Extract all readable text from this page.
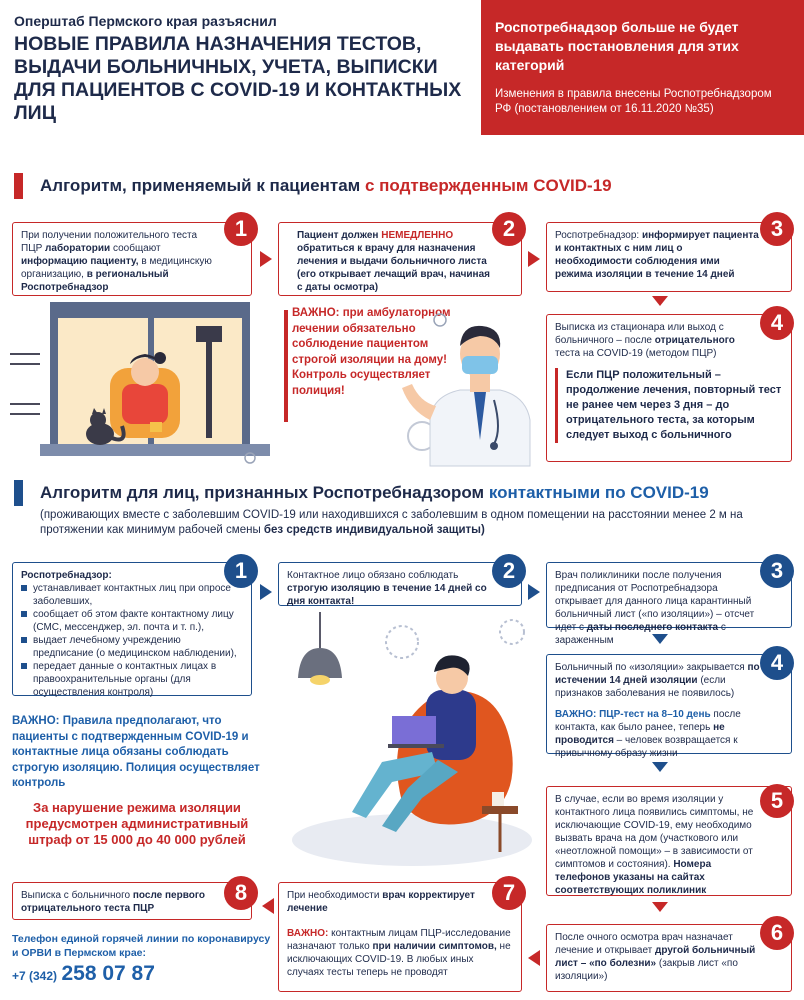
Оперштаб Пермского края разъяснил
НОВЫЕ ПРАВИЛА НАЗНАЧЕНИЯ ТЕСТОВ, ВЫДАЧИ БОЛЬНИЧНЫХ, УЧЕТА, ВЫПИСКИ ДЛЯ ПАЦИЕНТОВ С COVID-19 И КОНТАКТНЫХ ЛИЦ
Роспотребнадзор больше не будет выдавать постановления для этих категорий
Изменения в правила внесены Роспотребнадзором РФ (постановлением от 16.11.2020 №35)
Алгоритм, применяемый к пациентам с подтвержденным COVID-19
При получении положительного теста ПЦР лаборатории сообщают информацию пациенту, в медицинскую организацию, в региональный Роспотребнадзор
1	Пациент должен НЕМЕДЛЕННО обратиться к врачу для назначения лечения и выдачи больничного листа (его открывает лечащий врач, начиная с даты осмотра)
2	Роспотребнадзор: информирует пациента и контактных с ним лиц о необходимости соблюдения ими режима изоляции в течение 14 дней
3
Выписка из стационара или выход с больничного – после отрицательного теста на COVID-19 (методом ПЦР)
Если ПЦР положительный – продолжение лечения, повторный тест не ранее чем через 3 дня – до отрицательного теста, за которым следует выход с больничного
4
ВАЖНО: при амбулаторном лечении обязательно соблюдение пациентом строгой изоляции на дому! Контроль осуществляет полиция!
Алгоритм для лиц, признанных Роспотребнадзором контактными по COVID-19
(проживающих вместе с заболевшим COVID-19 или находившихся с заболевшим в одном помещении на расстоянии менее 2 м на протяжении как минимум рабочей смены без средств индивидуальной защиты)
Роспотребнадзор:
устанавливает контактных лиц при опросе заболевших,
сообщает об этом факте контактному лицу (СМС, мессенджер, эл. почта и т. п.),
выдает лечебному учреждению предписание (о медицинском наблюдении),
передает данные о контактных лицах в правоохранительные органы (для осуществления контроля)
1	Контактное лицо обязано соблюдать строгую изоляцию в течение 14 дней со дня контакта!
2	Врач поликлиники после получения предписания от Роспотребнадзора открывает для данного лица карантинный больничный лист («по изоляции») – отсчет идет с даты последнего контакта с зараженным
3
Больничный по «изоляции» закрывается по истечении 14 дней изоляции (если признаков заболевания не появилось)
ВАЖНО: ПЦР-тест на 8–10 день после контакта, как было ранее, теперь не проводится – человек возвращается к привычному образу жизни
4
В случае, если во время изоляции у контактного лица появились симптомы, не исключающие COVID-19, ему необходимо вызвать врача на дом (участкового или «неотложной помощи» – в зависимости от симптомов и состояния). Номера телефонов указаны на сайтах соответствующих поликлиник
5
После очного осмотра врач назначает лечение и открывает другой больничный лист – «по болезни» (закрыв лист «по изоляции»)
6
При необходимости врач корректирует лечение
ВАЖНО: контактным лицам ПЦР-исследование назначают только при наличии симптомов, не исключающих COVID-19. В любых иных случаях тесты теперь не проводят
7
Выписка с больничного после первого отрицательного теста ПЦР
8
ВАЖНО: Правила предполагают, что пациенты с подтвержденным COVID-19 и контактные лица обязаны соблюдать строгую изоляцию. Полиция осуществляет контроль
За нарушение режима изоляции предусмотрен административный штраф от 15 000 до 40 000 рублей
Телефон единой горячей линии по коронавирусу и ОРВИ в Пермском крае:
+7 (342) 258 07 87
